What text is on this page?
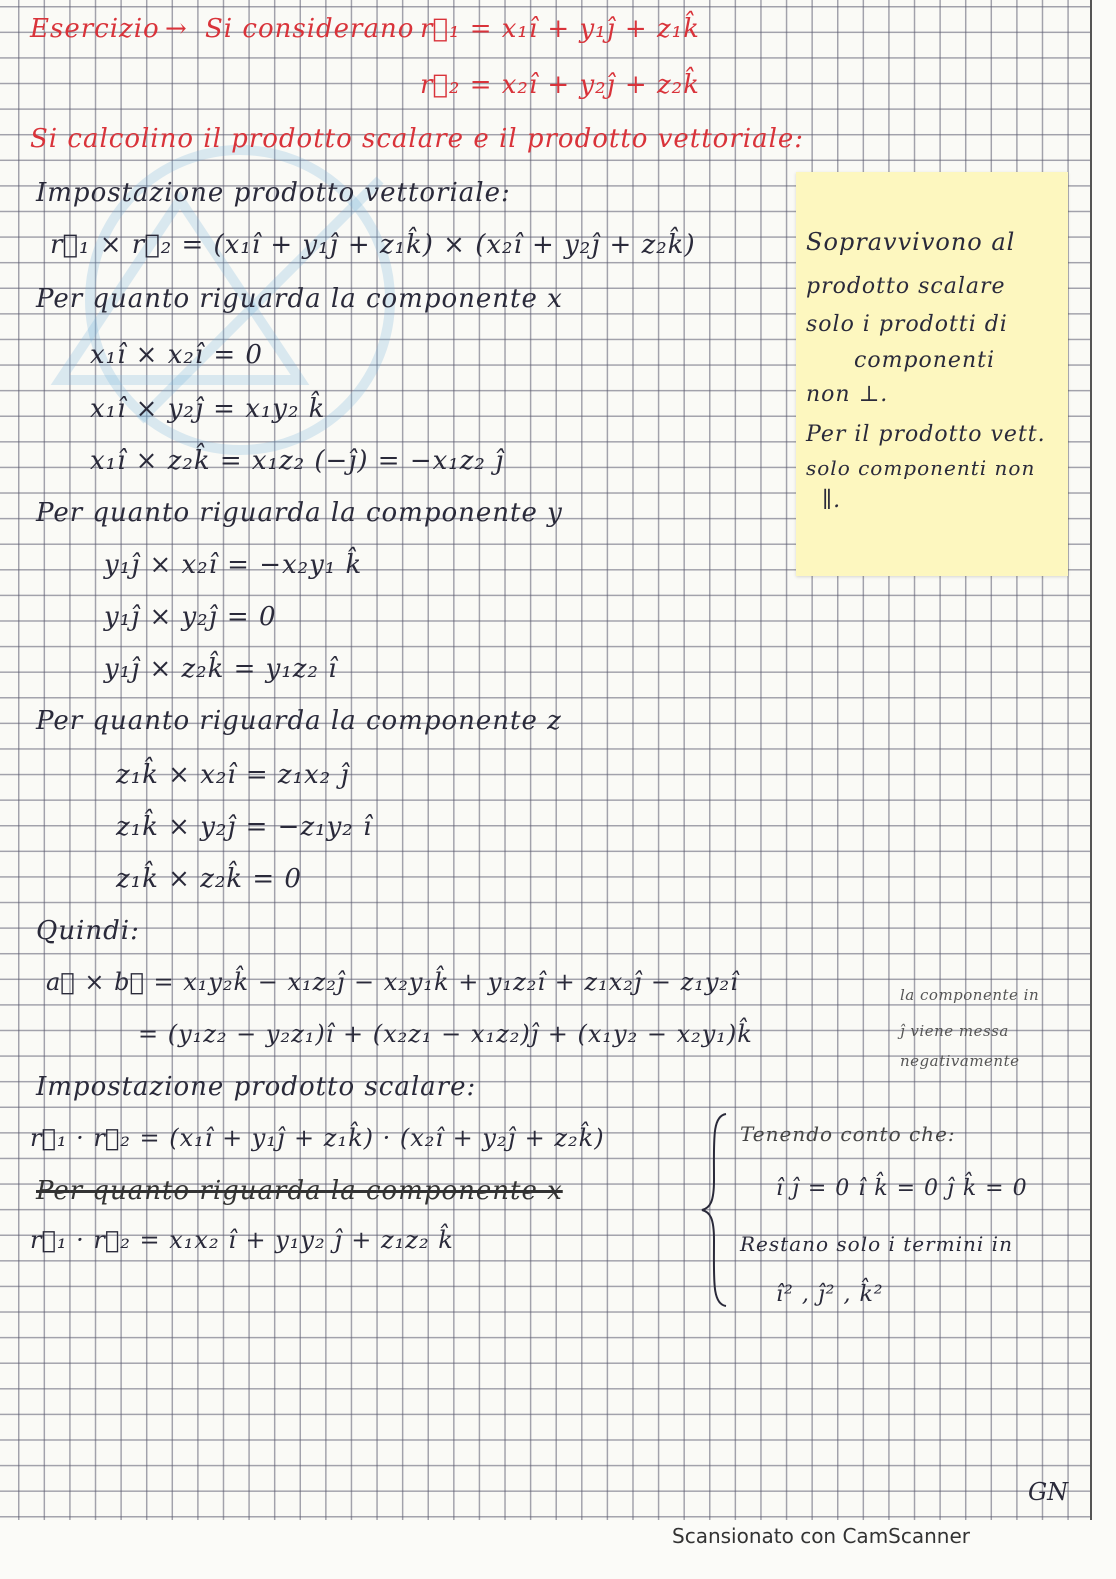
Esercizio → Si considerano r⃗₁ = x₁î + y₁ĵ + z₁k̂
r⃗₂ = x₂î + y₂ĵ + z₂k̂
Si calcolino il prodotto scalare e il prodotto vettoriale:
Impostazione prodotto vettoriale:
r⃗₁ × r⃗₂ = (x₁î + y₁ĵ + z₁k̂) × (x₂î + y₂ĵ + z₂k̂)
Per quanto riguarda la componente x
x₁î × x₂î = 0
x₁î × y₂ĵ = x₁y₂ k̂
x₁î × z₂k̂ = x₁z₂ (−ĵ) = −x₁z₂ ĵ
Per quanto riguarda la componente y
y₁ĵ × x₂î = −x₂y₁ k̂
y₁ĵ × y₂ĵ = 0
y₁ĵ × z₂k̂ = y₁z₂ î
Per quanto riguarda la componente z
z₁k̂ × x₂î = z₁x₂ ĵ
z₁k̂ × y₂ĵ = −z₁y₂ î
z₁k̂ × z₂k̂ = 0
Quindi:
a⃗ × b⃗ = x₁y₂k̂ − x₁z₂ĵ − x₂y₁k̂ + y₁z₂î + z₁x₂ĵ − z₁y₂î
= (y₁z₂ − y₂z₁)î + (x₂z₁ − x₁z₂)ĵ + (x₁y₂ − x₂y₁)k̂
la componente in
ĵ viene messa
negativamente
Impostazione prodotto scalare:
r⃗₁ · r⃗₂ = (x₁î + y₁ĵ + z₁k̂) · (x₂î + y₂ĵ + z₂k̂)
Per quanto riguarda la componente x
r⃗₁ · r⃗₂ = x₁x₂ î + y₁y₂ ĵ + z₁z₂ k̂
Tenendo conto che:
î ĵ = 0 î k̂ = 0 ĵ k̂ = 0
Restano solo i termini in
î² , ĵ² , k̂²
GN
Sopravvivono al
prodotto scalare
solo i prodotti di
componenti
non ⊥.
Per il prodotto vett.
solo componenti non
∥.
Scansionato con CamScanner
